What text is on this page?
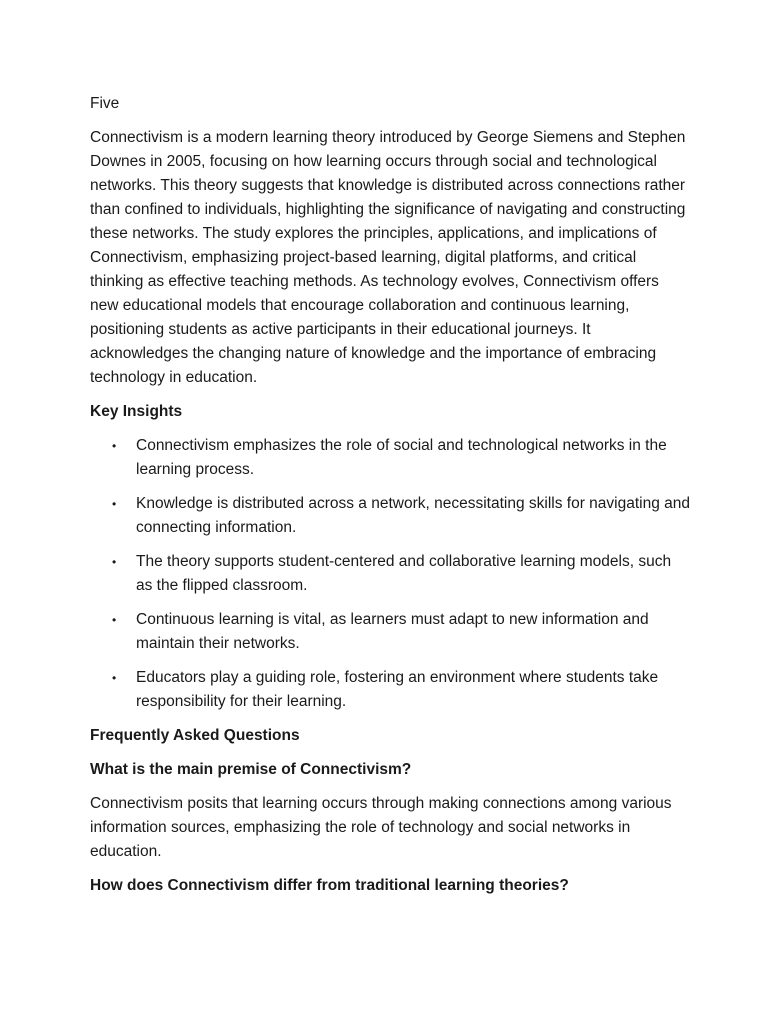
Five

Connectivism is a modern learning theory introduced by George Siemens and Stephen Downes in 2005, focusing on how learning occurs through social and technological networks. This theory suggests that knowledge is distributed across connections rather than confined to individuals, highlighting the significance of navigating and constructing these networks. The study explores the principles, applications, and implications of Connectivism, emphasizing project-based learning, digital platforms, and critical thinking as effective teaching methods. As technology evolves, Connectivism offers new educational models that encourage collaboration and continuous learning, positioning students as active participants in their educational journeys. It acknowledges the changing nature of knowledge and the importance of embracing technology in education.

Key Insights

• Connectivism emphasizes the role of social and technological networks in the learning process.
• Knowledge is distributed across a network, necessitating skills for navigating and connecting information.
• The theory supports student-centered and collaborative learning models, such as the flipped classroom.
• Continuous learning is vital, as learners must adapt to new information and maintain their networks.
• Educators play a guiding role, fostering an environment where students take responsibility for their learning.

Frequently Asked Questions

What is the main premise of Connectivism?

Connectivism posits that learning occurs through making connections among various information sources, emphasizing the role of technology and social networks in education.

How does Connectivism differ from traditional learning theories?
